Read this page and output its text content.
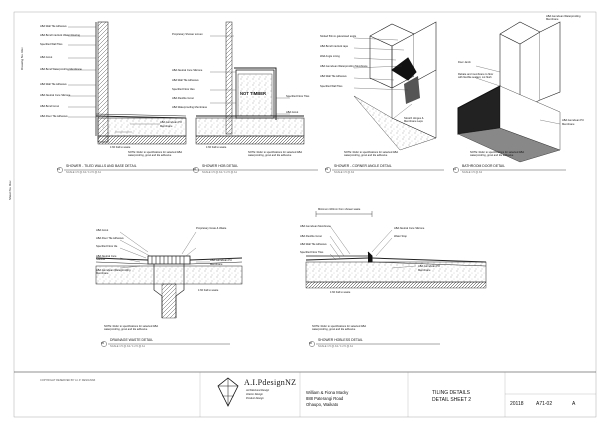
Drawing No. Rev
Sheet No. Rev
ABA Wall Tile Adhesive
ABA Bond Interlock Water Flooring
Specified Wall Tiles
ABA Grout
ABA Bond Waterproofing Membrane
ABA Wall Tile Adhesive
ABA Neutral Cure Silicone
ABA Bond Grout
ABA Floor Tile Adhesive
ABA Gemclean PU
Membrane
1:60 Fall to waste
NOTE: Refer to specifications for selected ABA waterproofing, grout and tile adhesive
01
SHOWER - TILED WALLS AND BASE DETAIL
SCALE 1:5 @ A3 / 1:2.5 @ A1
Proprietary Shower screen
ABA Neutral Cure Silicone
ABA Wall Tile Adhesive
Specified Floor tiles
ABA Flexible Grout
ABA Waterproofing Membrane
Specified Floor Tiles
ABA Grout
NOT TIMBER
1:60 Fall to waste
NOTE: Refer to specifications for selected ABA waterproofing, grout and tile adhesive
02
SHOWER HOB DETAIL
SCALE 1:5 @ A3 / 1:2.5 @ A1
Slotted 50mm galvanised angle
ABA Bond Interlock tape
Wall Angle Lining
ABA Gemclean Waterproofing Membrane
ABA Wall Tile Adhesive
Specified Wall Tiles
Stretch Hinges & Membrane Laps
NOTE: Refer to specifications for selected ABA waterproofing, grout and tile adhesive
03
SHOWER - CORNER ANGLE DETAIL
SCALE 1:5 @ A3
ABA Gemclean Waterproofing Membrane
Door Jamb
Rebate and membrane to floor with flexible sealant, cut flush
ABA Gemclean PU
Membrane
NOTE: Refer to specifications for selected ABA waterproofing, grout and tile adhesive
04
BATHROOM DOOR DETAIL
SCALE 1:5 @ A3
ABA Grout
ABA Floor Tile Adhesive
Specified Floor tile
ABA Neutral Cure Silicone
ABA Gemclean Waterproofing Membrane
Proprietary Grate & Waste
ABA Gemclean PU
Membrane
1:60 Fall to waste
NOTE: Refer to specifications for selected ABA waterproofing, grout and tile adhesive
05
DRAINAGE WASTE DETAIL
SCALE 1:5 @ A3 / 1:2.5 @ A1
Minimum 100mm from shower waste
ABA Gemclean Membrane
ABA Flexible Grout
ABA Wall Tile Adhesive
Specified Floor Tiles
ABA Neutral Cure Silicone
Water Stop
ABA Gemclean PU
Membrane
1:60 Fall to waste
NOTE: Refer to specifications for selected ABA waterproofing, grout and tile adhesive
06
SHOWER HOBLESS DETAIL
SCALE 1:5 @ A3 / 1:2.5 @ A1
COPYRIGHT RESERVED BY A.I.P. DESIGNNZ	A.I.PdesignNZ
Architectural Design
Interior Design
Product Design
William & Fiona Macky
888 Paterangi Road
Ohaupo, Waikato
TILING DETAILS
DETAIL SHEET 2
20118 A71-02	A
